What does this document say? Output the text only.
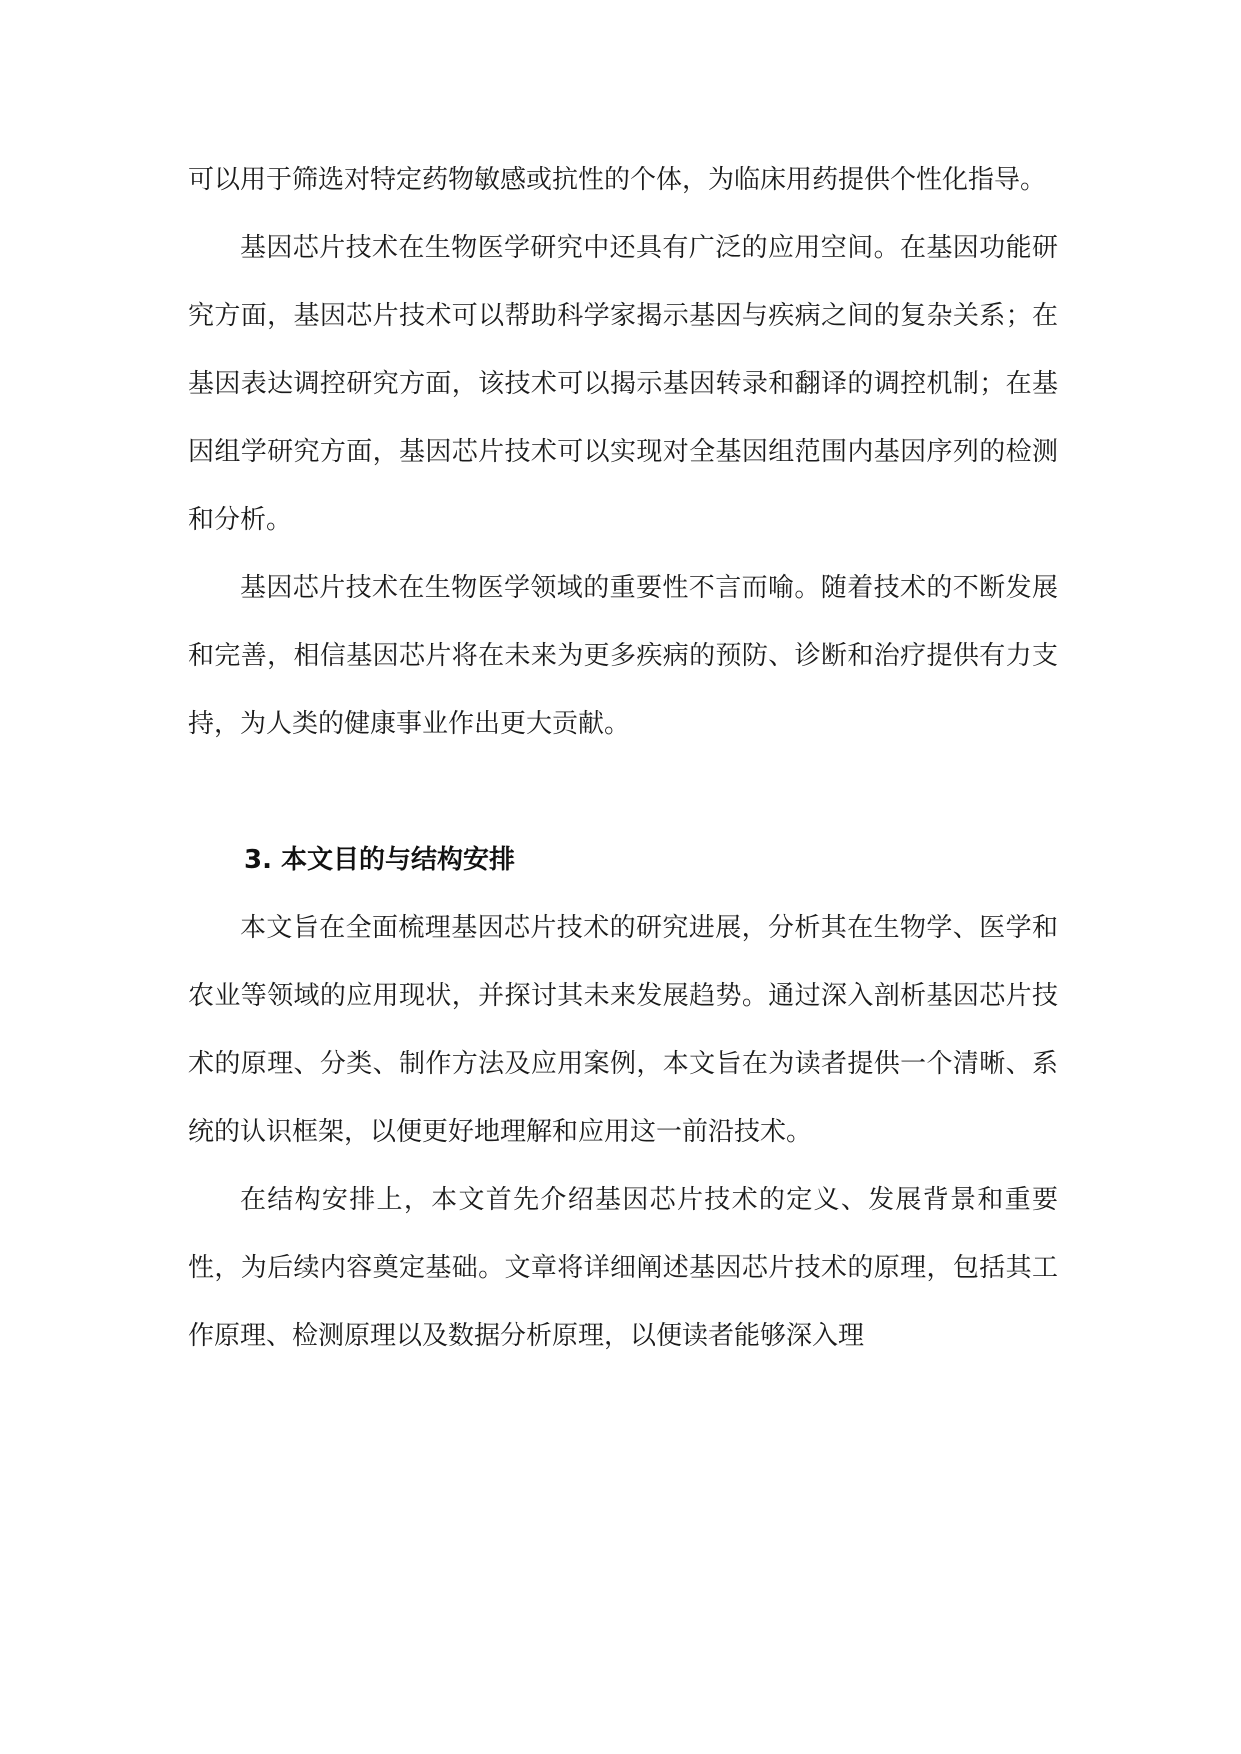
可以用于筛选对特定药物敏感或抗性的个体，为临床用药提供个性化指导。

基因芯片技术在生物医学研究中还具有广泛的应用空间。在基因功能研究方面，基因芯片技术可以帮助科学家揭示基因与疾病之间的复杂关系；在基因表达调控研究方面，该技术可以揭示基因转录和翻译的调控机制；在基因组学研究方面，基因芯片技术可以实现对全基因组范围内基因序列的检测和分析。

基因芯片技术在生物医学领域的重要性不言而喻。随着技术的不断发展和完善，相信基因芯片将在未来为更多疾病的预防、诊断和治疗提供有力支持，为人类的健康事业作出更大贡献。

3. 本文目的与结构安排

本文旨在全面梳理基因芯片技术的研究进展，分析其在生物学、医学和农业等领域的应用现状，并探讨其未来发展趋势。通过深入剖析基因芯片技术的原理、分类、制作方法及应用案例，本文旨在为读者提供一个清晰、系统的认识框架，以便更好地理解和应用这一前沿技术。

在结构安排上，本文首先介绍基因芯片技术的定义、发展背景和重要性，为后续内容奠定基础。文章将详细阐述基因芯片技术的原理，包括其工作原理、检测原理以及数据分析原理，以便读者能够深入理
